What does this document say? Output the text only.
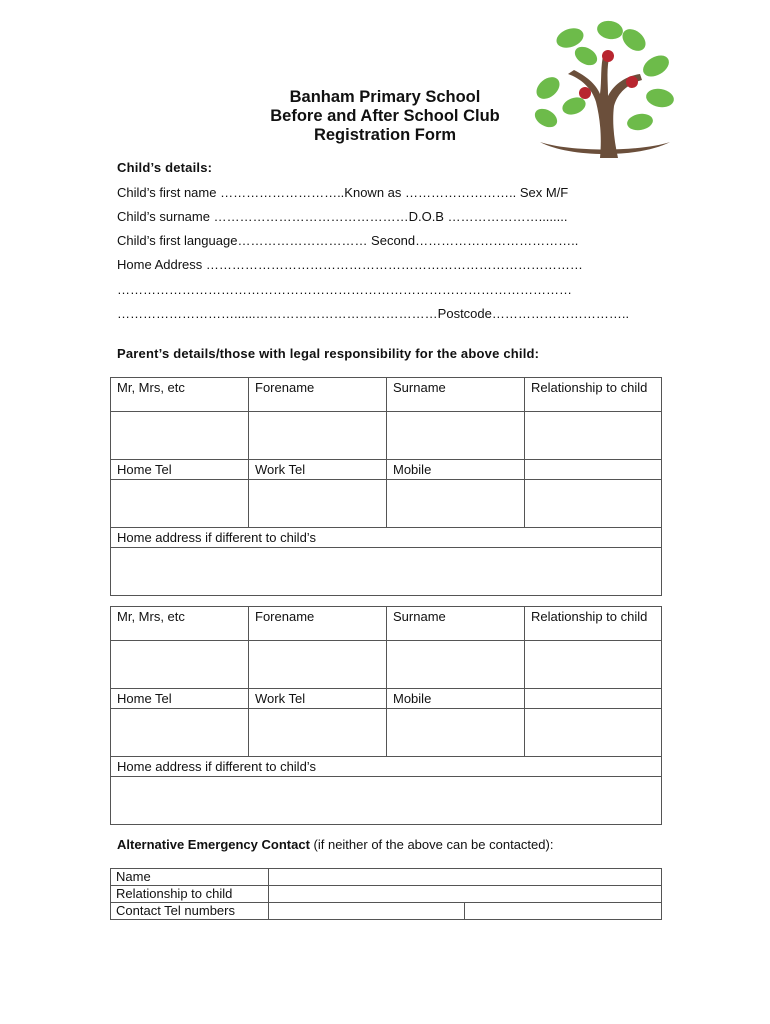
Banham Primary School
Before and After School Club
Registration Form
Child’s details:
Child’s first name ………………………..Known as …………………….. Sex M/F
Child’s surname ………………………………………D.O.B …………………........
Child’s first language………………………… Second………………………………..
Home Address ……………………………………………………………………………
……………………………………………………………………………………………
………………………......……………………………………Postcode…………………………..
Parent’s details/those with legal responsibility for the above child:
Mr, Mrs, etc	Forename	Surname	Relationship to child

Home Tel	Work Tel	Mobile	

Home address if different to child’s			

Mr, Mrs, etc	Forename	Surname	Relationship to child

Home Tel	Work Tel	Mobile	

Home address if different to child’s			

Alternative Emergency Contact (if neither of the above can be contacted):
Name		
Relationship to child		
Contact Tel numbers		
